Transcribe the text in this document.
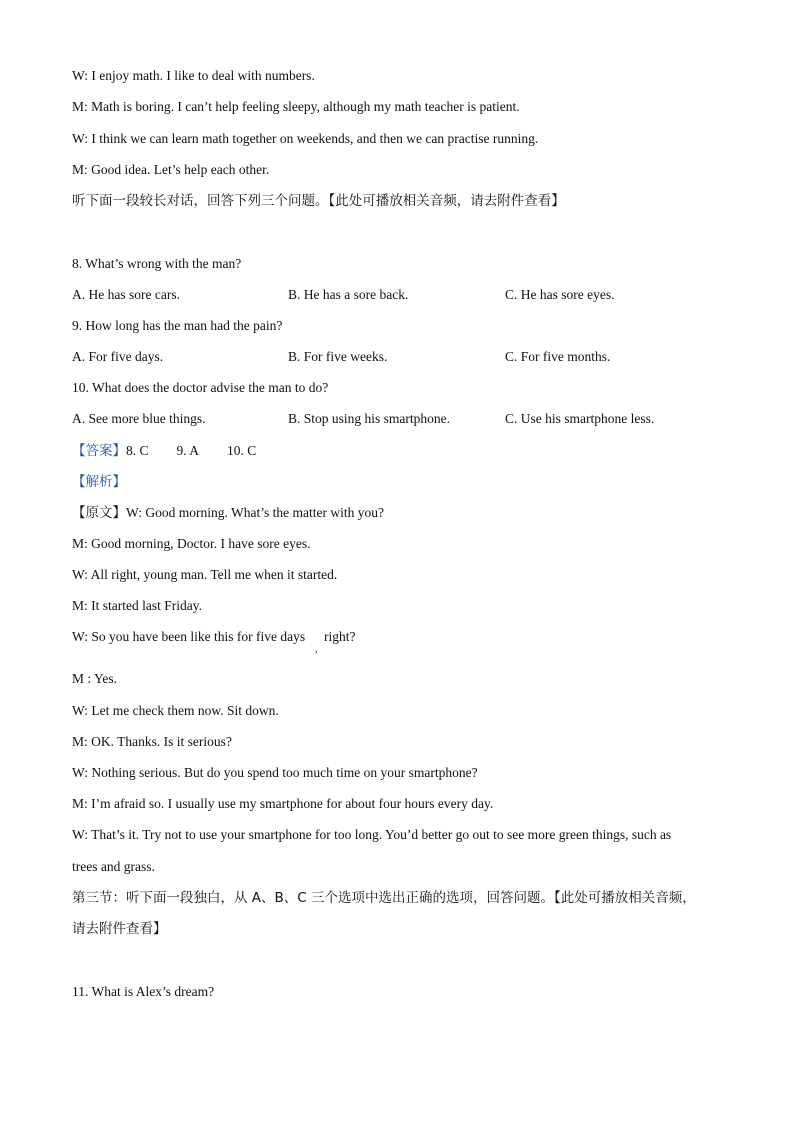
W: I enjoy math. I like to deal with numbers.
M: Math is boring. I can’t help feeling sleepy, although my math teacher is patient.
W: I think we can learn math together on weekends, and then we can practise running.
M: Good idea. Let’s help each other.
听下面一段较长对话，回答下列三个问题。【此处可播放相关音频，请去附件查看】
8. What’s wrong with the man?
A. He has sore cars.	B. He has a sore back.	C. He has sore eyes.
9. How long has the man had the pain?
A. For five days.	B. For five weeks.	C. For five months.
10. What does the doctor advise the man to do?
A. See more blue things.	B. Stop using his smartphone.	C. Use his smartphone less.
【答案】8. C 9. A 10. C
【解析】
【原文】W: Good morning. What’s the matter with you?
M: Good morning, Doctor. I have sore eyes.
W: All right, young man. Tell me when it started.
M: It started last Friday.
W: So you have been like this for five days
,
right?
M : Yes.
W: Let me check them now. Sit down.
M: OK. Thanks. Is it serious?
W: Nothing serious. But do you spend too much time on your smartphone?
M: I’m afraid so. I usually use my smartphone for about four hours every day.
W: That’s it. Try not to use your smartphone for too long. You’d better go out to see more green things, such as
trees and grass.
第三节：听下面一段独白，从 A、B、C 三个选项中选出正确的选项，回答问题。【此处可播放相关音频，
请去附件查看】
11. What is Alex’s dream?
